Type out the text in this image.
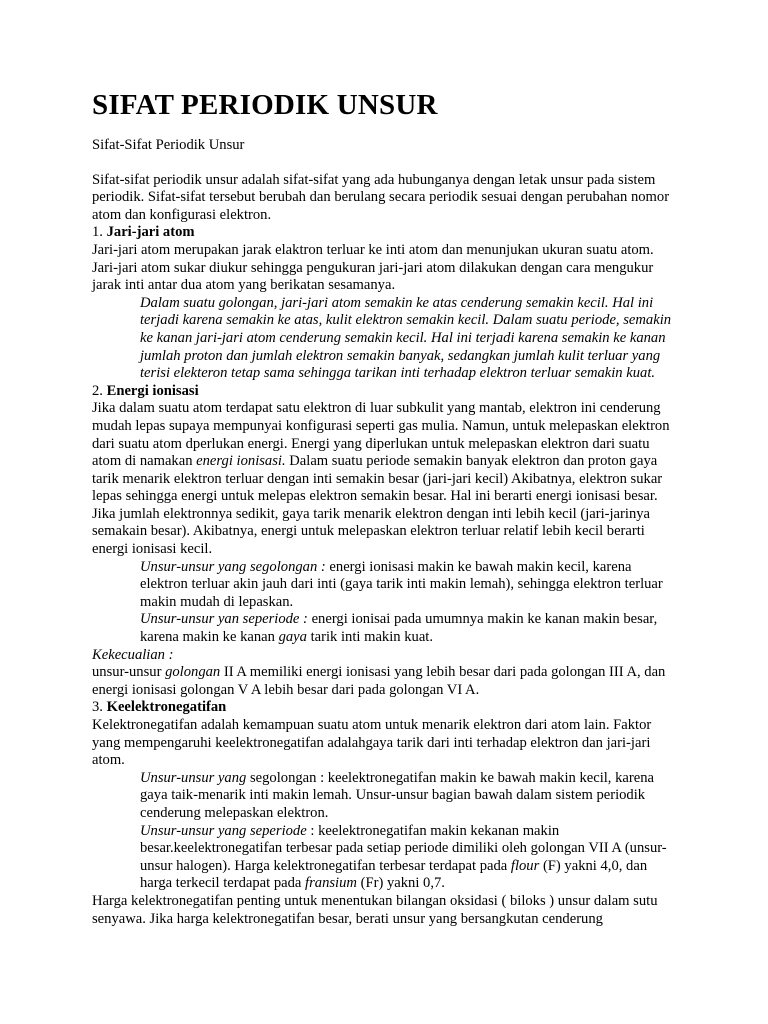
SIFAT PERIODIK UNSUR
Sifat-Sifat Periodik Unsur
Sifat-sifat periodik unsur adalah sifat-sifat yang ada hubunganya dengan letak unsur pada sistem periodik. Sifat-sifat tersebut berubah dan berulang secara periodik sesuai dengan perubahan nomor atom dan konfigurasi elektron.
1. Jari-jari atom
Jari-jari atom merupakan jarak elaktron terluar ke inti atom dan menunjukan ukuran suatu atom. Jari-jari atom sukar diukur sehingga pengukuran jari-jari atom dilakukan dengan cara mengukur jarak inti antar dua atom yang berikatan sesamanya.
Dalam suatu golongan, jari-jari atom semakin ke atas cenderung semakin kecil. Hal ini terjadi karena semakin ke atas, kulit elektron semakin kecil. Dalam suatu periode, semakin ke kanan jari-jari atom cenderung semakin kecil. Hal ini terjadi karena semakin ke kanan jumlah proton dan jumlah elektron semakin banyak, sedangkan jumlah kulit terluar yang terisi elekteron tetap sama sehingga tarikan inti terhadap elektron terluar semakin kuat.
2. Energi ionisasi
Jika dalam suatu atom terdapat satu elektron di luar subkulit yang mantab, elektron ini cenderung mudah lepas supaya mempunyai konfigurasi seperti gas mulia. Namun, untuk melepaskan elektron dari suatu atom dperlukan energi. Energi yang diperlukan untuk melepaskan elektron dari suatu atom di namakan energi ionisasi. Dalam suatu periode semakin banyak elektron dan proton gaya tarik menarik elektron terluar dengan inti semakin besar (jari-jari kecil) Akibatnya, elektron sukar lepas sehingga energi untuk melepas elektron semakin besar. Hal ini berarti energi ionisasi besar.
Jika jumlah elektronnya sedikit, gaya tarik menarik elektron dengan inti lebih kecil (jari-jarinya semakain besar). Akibatnya, energi untuk melepaskan elektron terluar relatif lebih kecil berarti energi ionisasi kecil.
Unsur-unsur yang segolongan : energi ionisasi makin ke bawah makin kecil, karena elektron terluar akin jauh dari inti (gaya tarik inti makin lemah), sehingga elektron terluar makin mudah di lepaskan.
Unsur-unsur yan seperiode : energi ionisai pada umumnya makin ke kanan makin besar, karena makin ke kanan gaya tarik inti makin kuat.
Kekecualian :
unsur-unsur golongan II A memiliki energi ionisasi yang lebih besar dari pada golongan III A, dan energi ionisasi golongan V A lebih besar dari pada golongan VI A.
3. Keelektronegatifan
Kelektronegatifan adalah kemampuan suatu atom untuk menarik elektron dari atom lain. Faktor yang mempengaruhi keelektronegatifan adalahgaya tarik dari inti terhadap elektron dan jari-jari atom.
Unsur-unsur yang segolongan : keelektronegatifan makin ke bawah makin kecil, karena gaya taik-menarik inti makin lemah. Unsur-unsur bagian bawah dalam sistem periodik cenderung melepaskan elektron.
Unsur-unsur yang seperiode : keelektronegatifan makin kekanan makin besar.keelektronegatifan terbesar pada setiap periode dimiliki oleh golongan VII A (unsur-unsur halogen). Harga kelektronegatifan terbesar terdapat pada flour (F) yakni 4,0, dan harga terkecil terdapat pada fransium (Fr) yakni 0,7.
Harga kelektronegatifan penting untuk menentukan bilangan oksidasi ( biloks ) unsur dalam sutu senyawa. Jika harga kelektronegatifan besar, berati unsur yang bersangkutan cenderung
